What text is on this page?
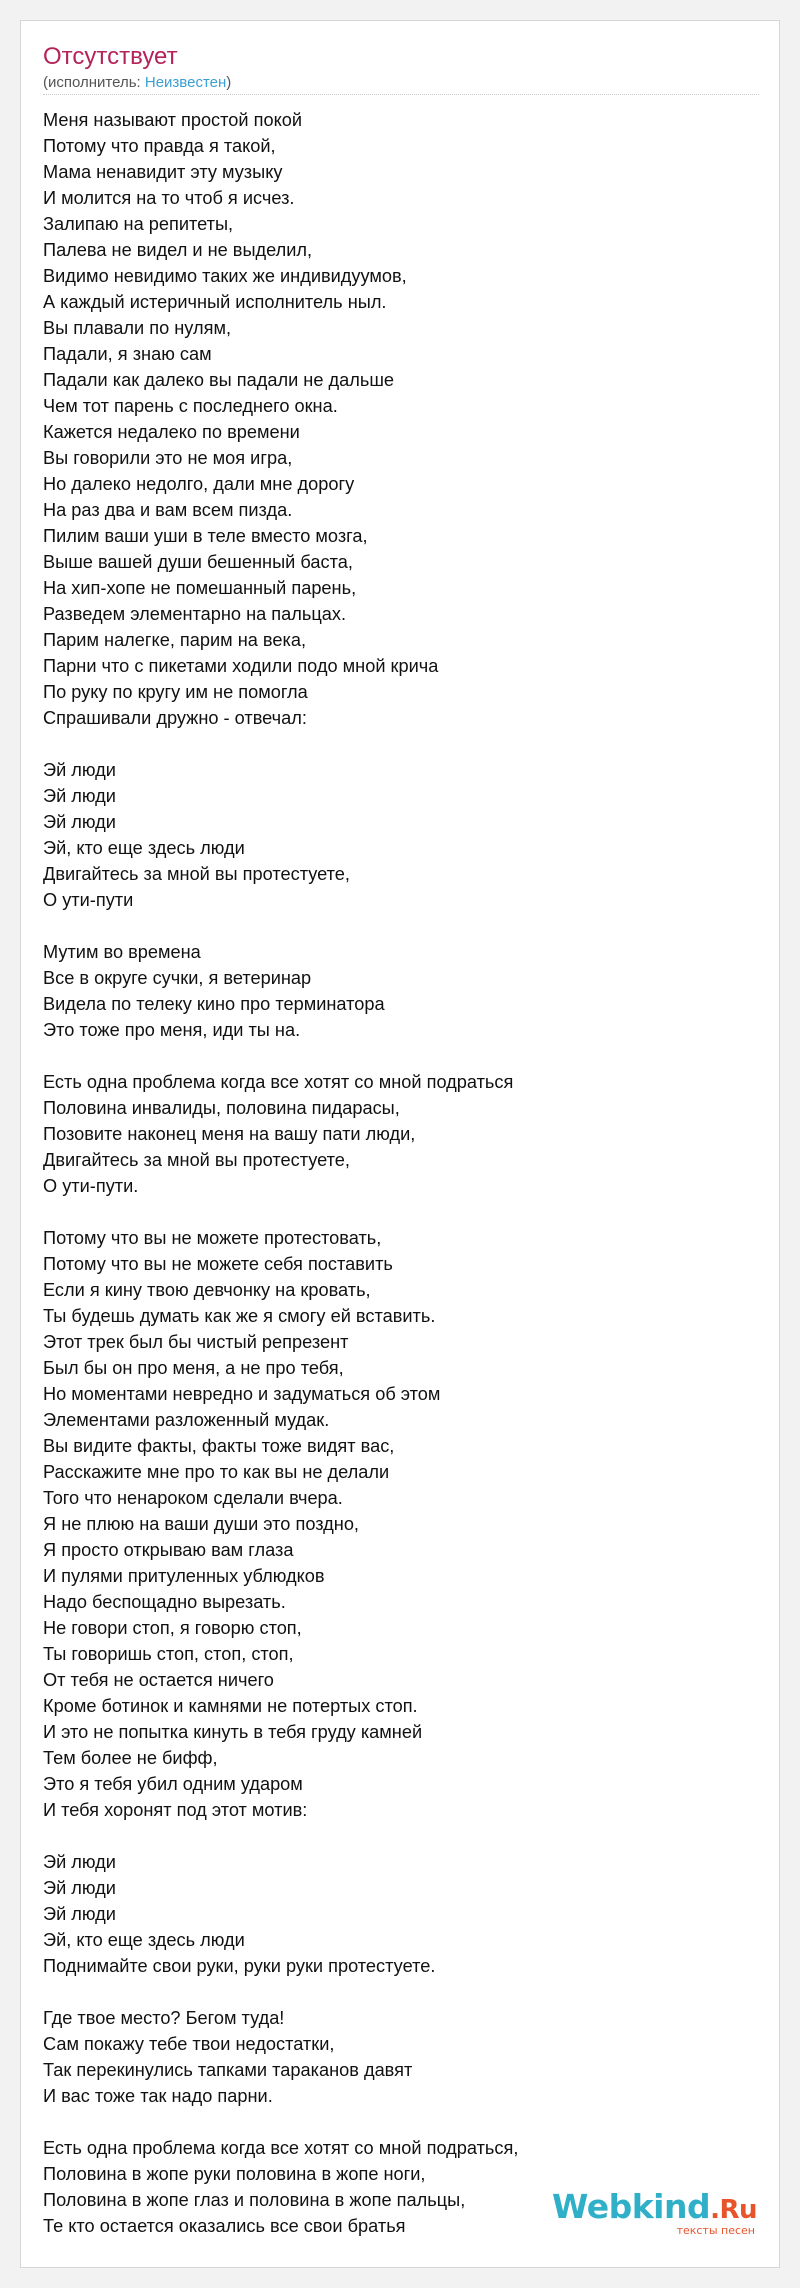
Отсутствует
(исполнитель: Неизвестен)
Меня называют простой покой
Потому что правда я такой,
Мама ненавидит эту музыку
И молится на то чтоб я исчез.
Залипаю на репитеты,
Палева не видел и не выделил,
Видимо невидимо таких же индивидуумов,
А каждый истеричный исполнитель ныл.
Вы плавали по нулям,
Падали, я знаю сам
Падали как далеко вы падали не дальше
Чем тот парень с последнего окна.
Кажется недалеко по времени
Вы говорили это не моя игра,
Но далеко недолго, дали мне дорогу
На раз два и вам всем пизда.
Пилим ваши уши в теле вместо мозга,
Выше вашей души бешенный баста,
На хип-хопе не помешанный парень,
Разведем элементарно на пальцах.
Парим налегке, парим на века,
Парни что с пикетами ходили подо мной крича
По руку по кругу им не помогла
Спрашивали дружно - отвечал:
Эй люди
Эй люди
Эй люди
Эй, кто еще здесь люди
Двигайтесь за мной вы протестуете,
О ути-пути
Мутим во времена
Все в округе сучки, я ветеринар
Видела по телеку кино про терминатора
Это тоже про меня, иди ты на.
Есть одна проблема когда все хотят со мной подраться
Половина инвалиды, половина пидарасы,
Позовите наконец меня на вашу пати люди,
Двигайтесь за мной вы протестуете,
О ути-пути.
Потому что вы не можете протестовать,
Потому что вы не можете себя поставить
Если я кину твою девчонку на кровать,
Ты будешь думать как же я смогу ей вставить.
Этот трек был бы чистый репрезент
Был бы он про меня, а не про тебя,
Но моментами невредно и задуматься об этом
Элементами разложенный мудак.
Вы видите факты, факты тоже видят вас,
Расскажите мне про то как вы не делали
Того что ненароком сделали вчера.
Я не плюю на ваши души это поздно,
Я просто открываю вам глаза
И пулями притуленных ублюдков
Надо беспощадно вырезать.
Не говори стоп, я говорю стоп,
Ты говоришь стоп, стоп, стоп,
От тебя не остается ничего
Кроме ботинок и камнями не потертых стоп.
И это не попытка кинуть в тебя груду камней
Тем более не бифф,
Это я тебя убил одним ударом
И тебя хоронят под этот мотив:
Эй люди
Эй люди
Эй люди
Эй, кто еще здесь люди
Поднимайте свои руки, руки руки протестуете.
Где твое место? Бегом туда!
Сам покажу тебе твои недостатки,
Так перекинулись тапками тараканов давят
И вас тоже так надо парни.
Есть одна проблема когда все хотят со мной подраться,
Половина в жопе руки половина в жопе ноги,
Половина в жопе глаз и половина в жопе пальцы,
Те кто остается оказались все свои братья	Webkind.Ru
тексты песен
